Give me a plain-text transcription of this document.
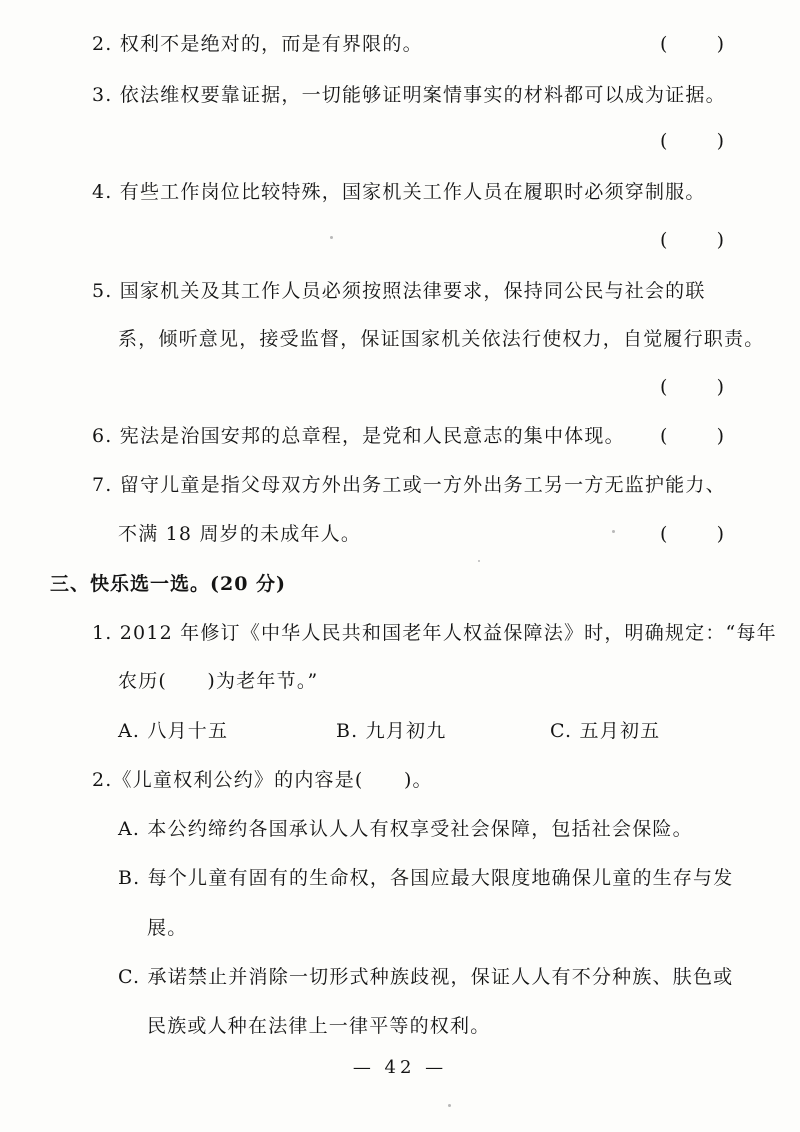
2. 权利不是绝对的，而是有界限的。	(	)
3. 依法维权要靠证据，一切能够证明案情事实的材料都可以成为证据。
(	)
4. 有些工作岗位比较特殊，国家机关工作人员在履职时必须穿制服。
(	)
5. 国家机关及其工作人员必须按照法律要求，保持同公民与社会的联
系，倾听意见，接受监督，保证国家机关依法行使权力，自觉履行职责。
(	)
6. 宪法是治国安邦的总章程，是党和人民意志的集中体现。 (	)
7. 留守儿童是指父母双方外出务工或一方外出务工另一方无监护能力、
不满 18 周岁的未成年人。	(	)
三、快乐选一选。(20 分)
1. 2012 年修订《中华人民共和国老年人权益保障法》时，明确规定：“每年
农历(　　)为老年节。”
A. 八月十五	B. 九月初九	C. 五月初五
2.《儿童权利公约》的内容是(　　)。
A. 本公约缔约各国承认人人有权享受社会保障，包括社会保险。
B. 每个儿童有固有的生命权，各国应最大限度地确保儿童的生存与发
展。
C. 承诺禁止并消除一切形式种族歧视，保证人人有不分种族、肤色或
民族或人种在法律上一律平等的权利。
— 42 —
